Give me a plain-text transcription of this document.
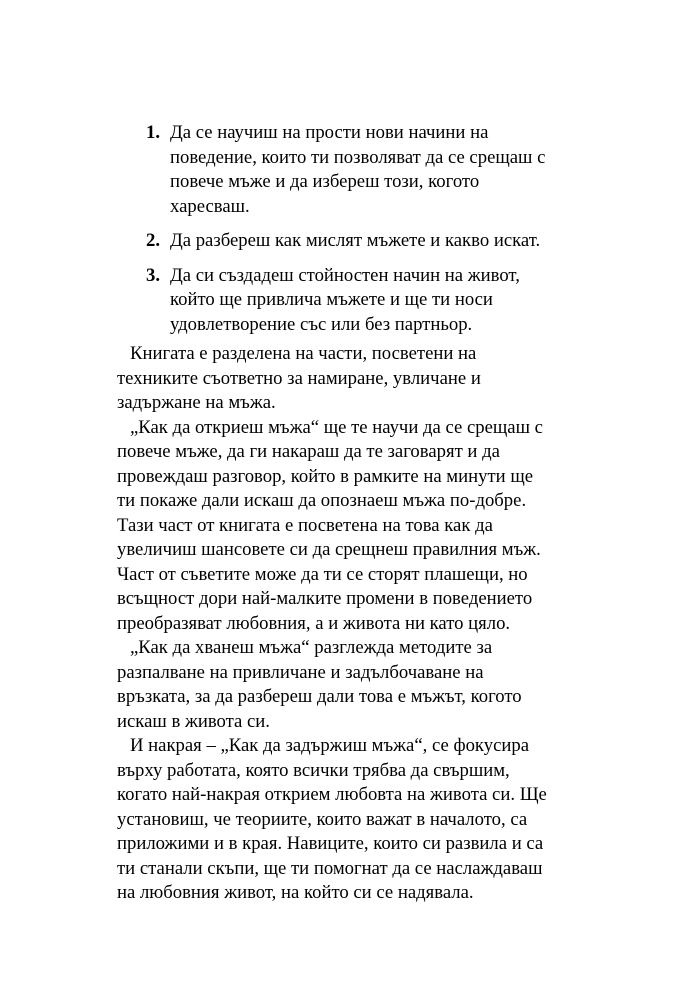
1. Да се научиш на прости нови начини на
поведение, които ти позволяват да се срещаш с
повече мъже и да избереш този, когото
харесваш.
2. Да разбереш как мислят мъжете и какво искат.
3. Да си създадеш стойностен начин на живот,
който ще привлича мъжете и ще ти носи
удовлетворение със или без партньор.

Книгата е разделена на части, посветени на
техниките съответно за намиране, увличане и
задържане на мъжа.

„Как да откриеш мъжа“ ще те научи да се срещаш с
повече мъже, да ги накараш да те заговарят и да
провеждаш разговор, който в рамките на минути ще
ти покаже дали искаш да опознаеш мъжа по-добре.
Тази част от книгата е посветена на това как да
увеличиш шансовете си да срещнеш правилния мъж.
Част от съветите може да ти се сторят плашещи, но
всъщност дори най-малките промени в поведението
преобразяват любовния, а и живота ни като цяло.

„Как да хванеш мъжа“ разглежда методите за
разпалване на привличане и задълбочаване на
връзката, за да разбереш дали това е мъжът, когото
искаш в живота си.

И накрая – „Как да задържиш мъжа“, се фокусира
върху работата, която всички трябва да свършим,
когато най-накрая открием любовта на живота си. Ще
установиш, че теориите, които важат в началото, са
приложими и в края. Навиците, които си развила и са
ти станали скъпи, ще ти помогнат да се наслаждаваш
на любовния живот, на който си се надявала.
